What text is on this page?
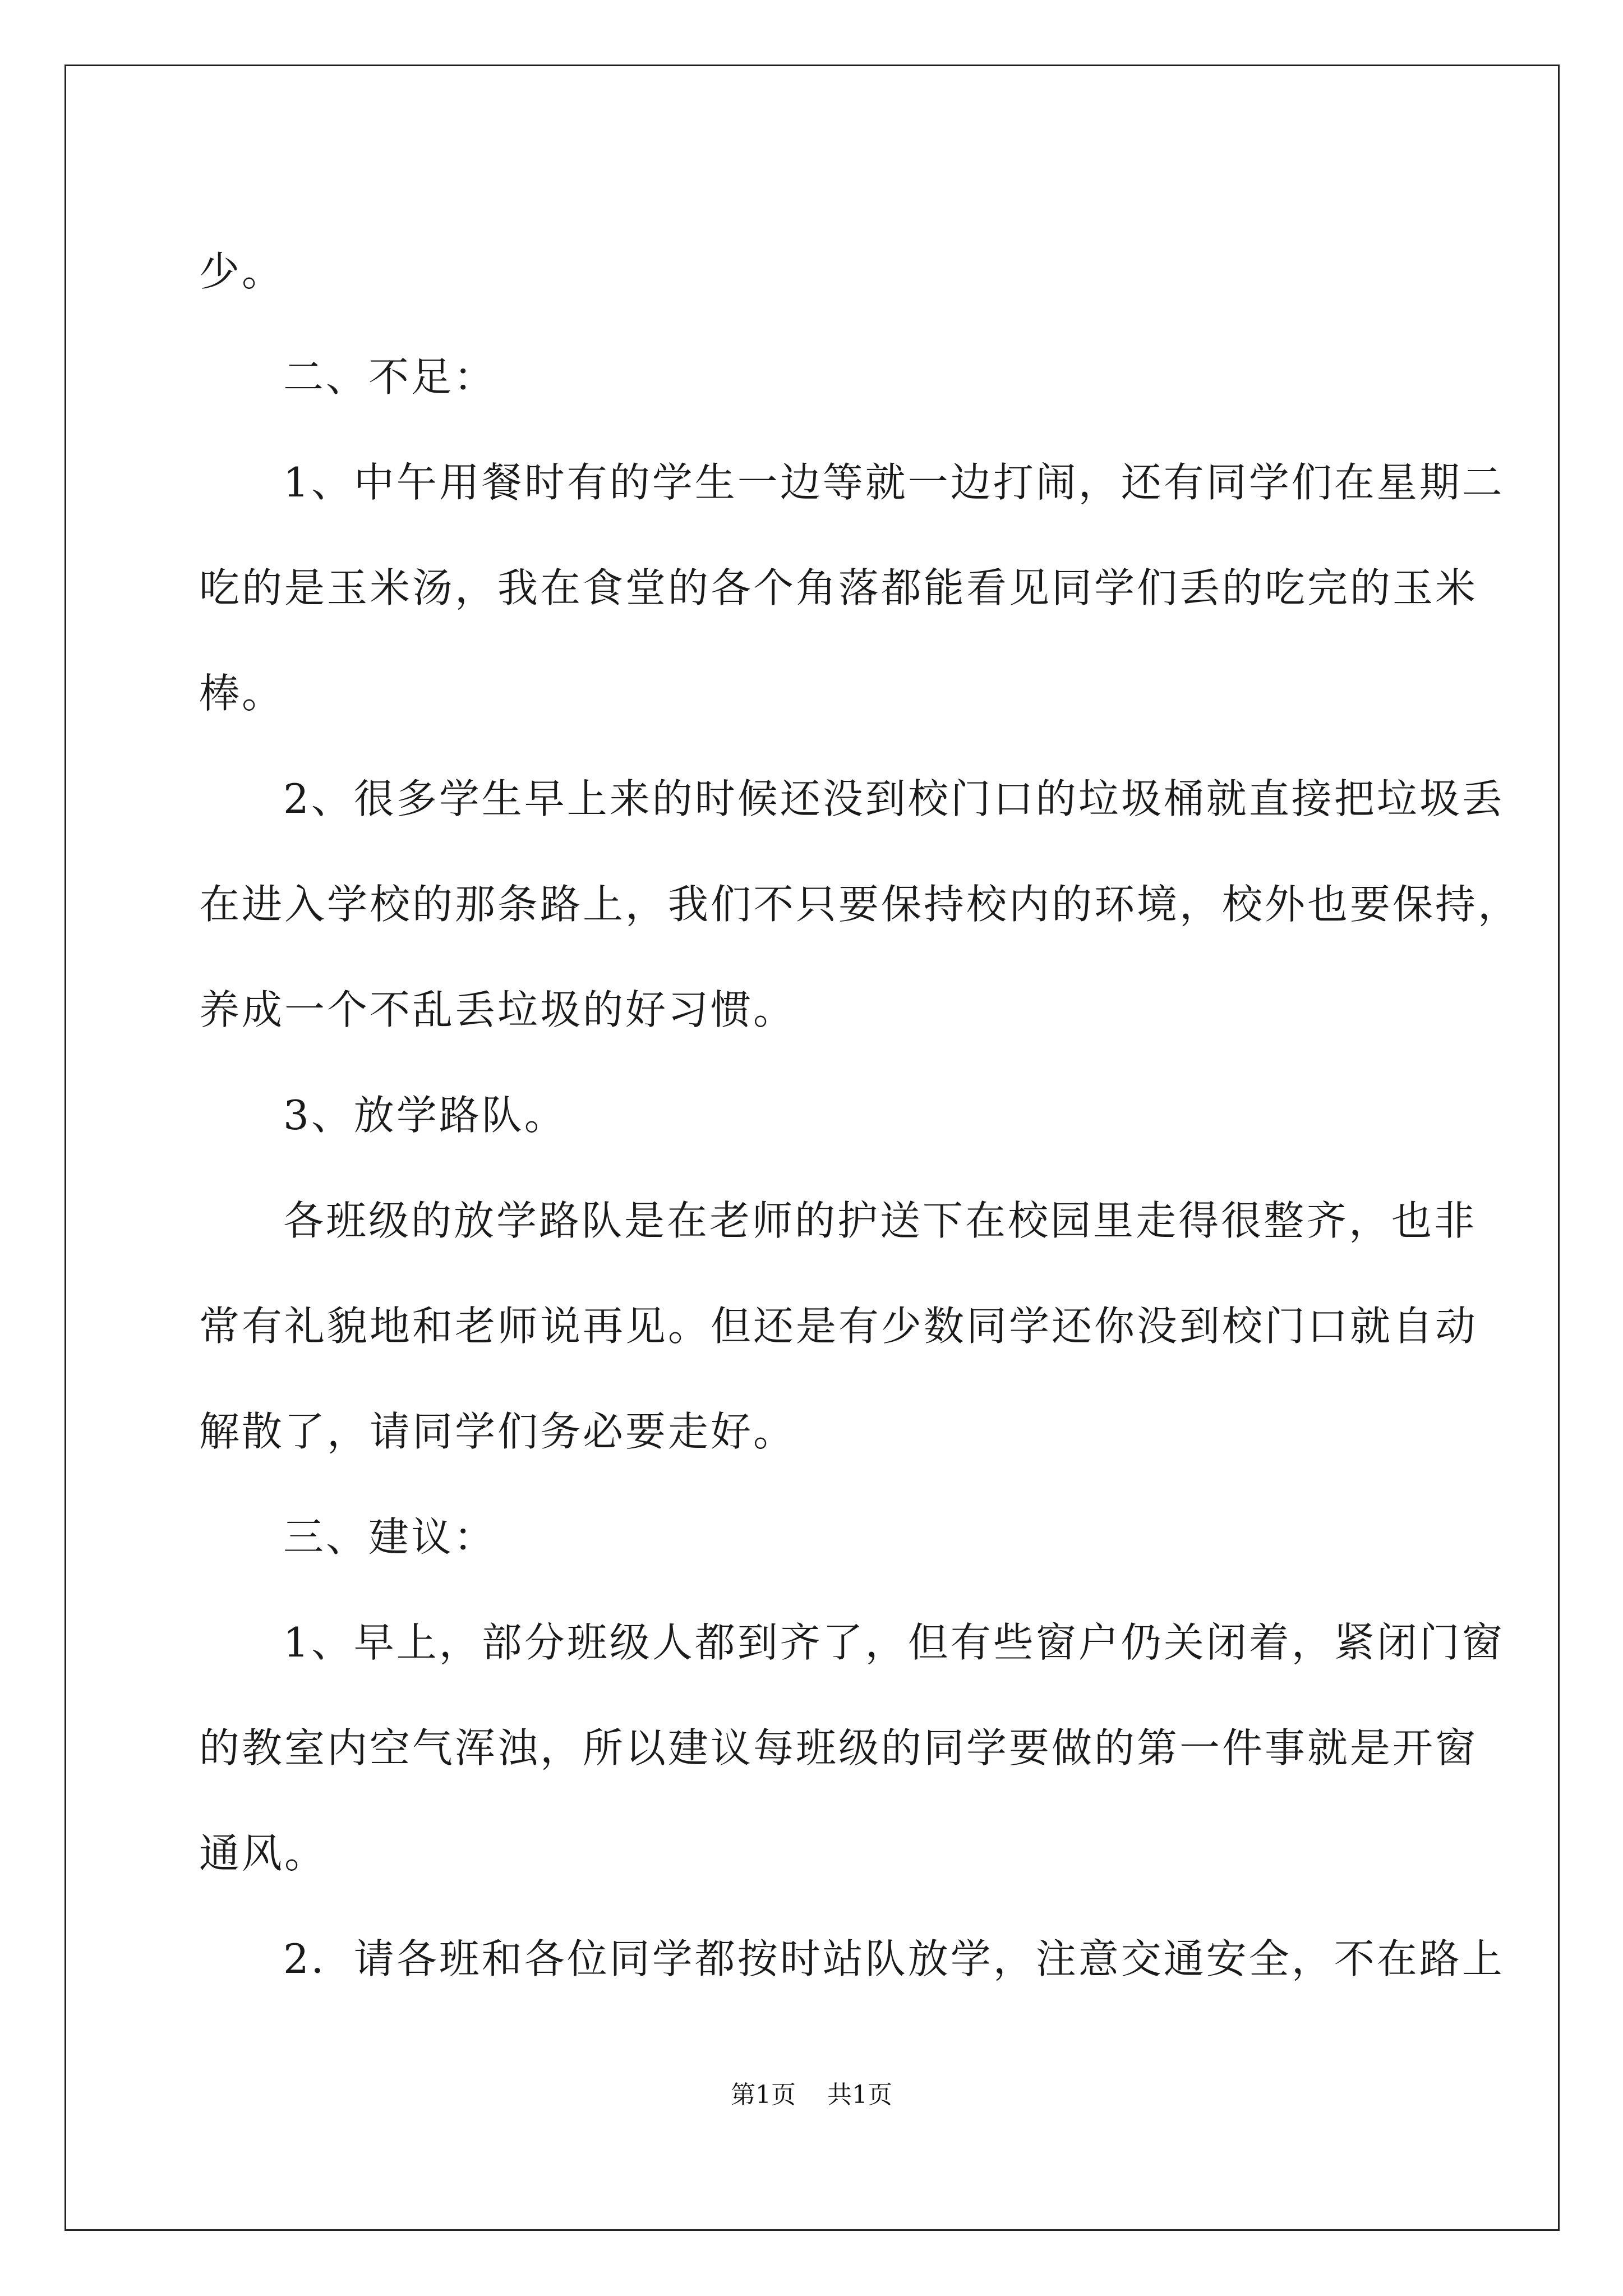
少。

二、不足：

1、中午用餐时有的学生一边等就一边打闹，还有同学们在星期二

吃的是玉米汤，我在食堂的各个角落都能看见同学们丢的吃完的玉米

棒。

2、很多学生早上来的时候还没到校门口的垃圾桶就直接把垃圾丢

在进入学校的那条路上，我们不只要保持校内的环境，校外也要保持，

养成一个不乱丢垃圾的好习惯。

3、放学路队。

各班级的放学路队是在老师的护送下在校园里走得很整齐，也非

常有礼貌地和老师说再见。但还是有少数同学还你没到校门口就自动

解散了，请同学们务必要走好。

三、建议：

1、早上，部分班级人都到齐了，但有些窗户仍关闭着，紧闭门窗

的教室内空气浑浊，所以建议每班级的同学要做的第一件事就是开窗

通风。

2．请各班和各位同学都按时站队放学，注意交通安全，不在路上

第1页 共1页
